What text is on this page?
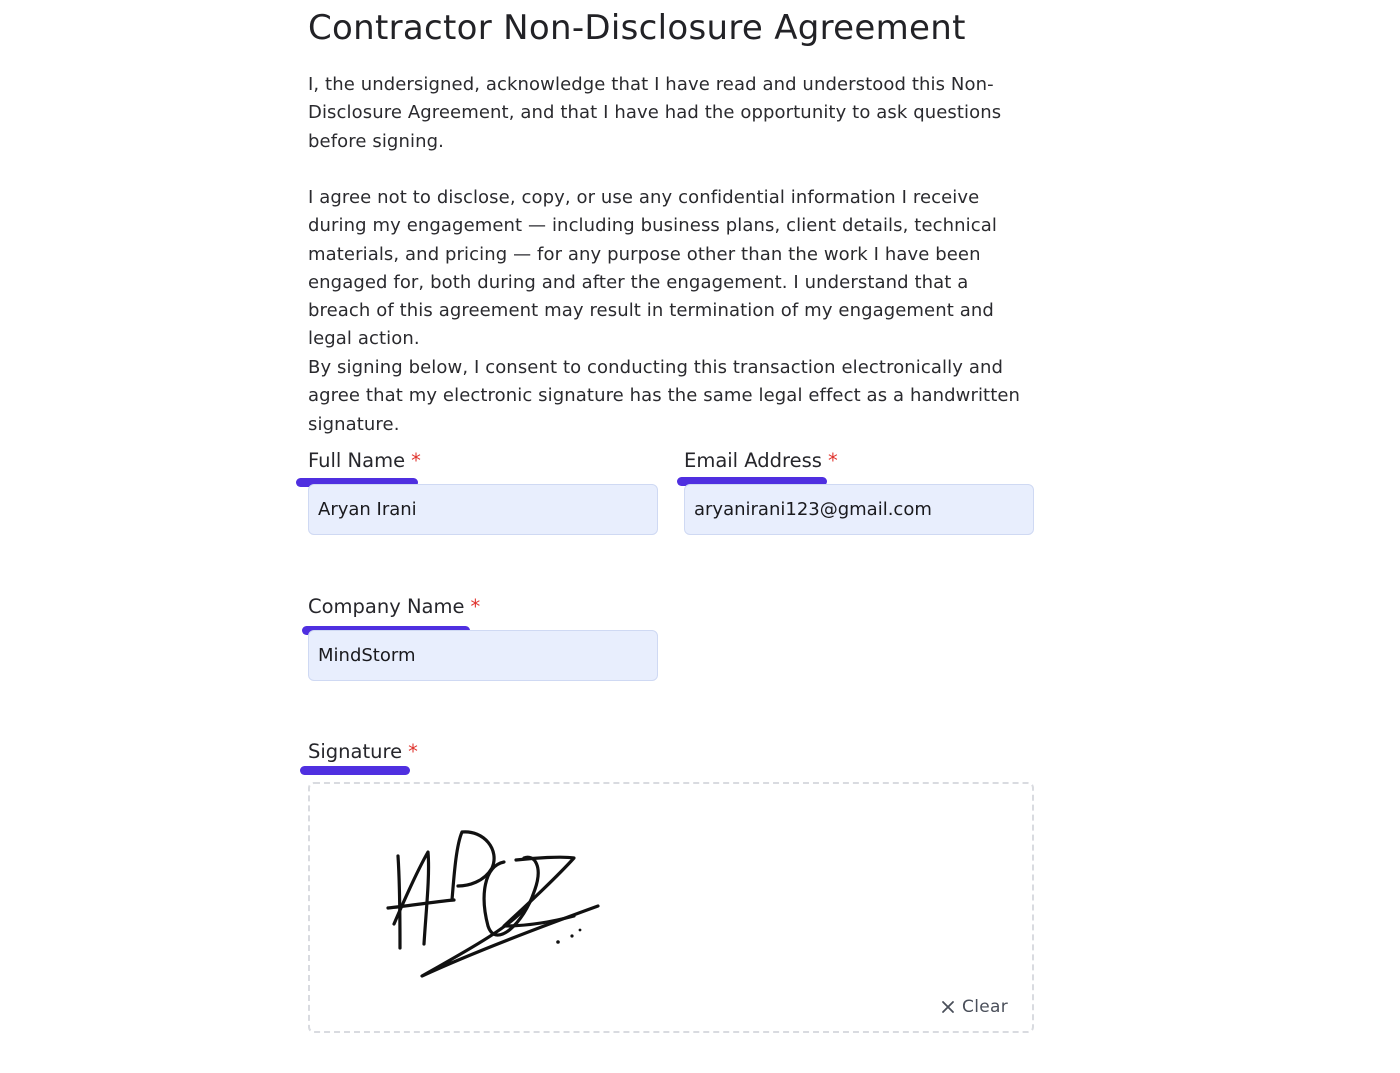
Contractor Non-Disclosure Agreement

I, the undersigned, acknowledge that I have read and understood this Non-Disclosure Agreement, and that I have had the opportunity to ask questions before signing.

I agree not to disclose, copy, or use any confidential information I receive during my engagement — including business plans, client details, technical materials, and pricing — for any purpose other than the work I have been engaged for, both during and after the engagement. I understand that a breach of this agreement may result in termination of my engagement and legal action.

By signing below, I consent to conducting this transaction electronically and agree that my electronic signature has the same legal effect as a handwritten signature.

Full Name *
Aryan Irani	Email Address *
aryanirani123@gmail.com
Company Name *
MindStorm
Signature *
Clear
